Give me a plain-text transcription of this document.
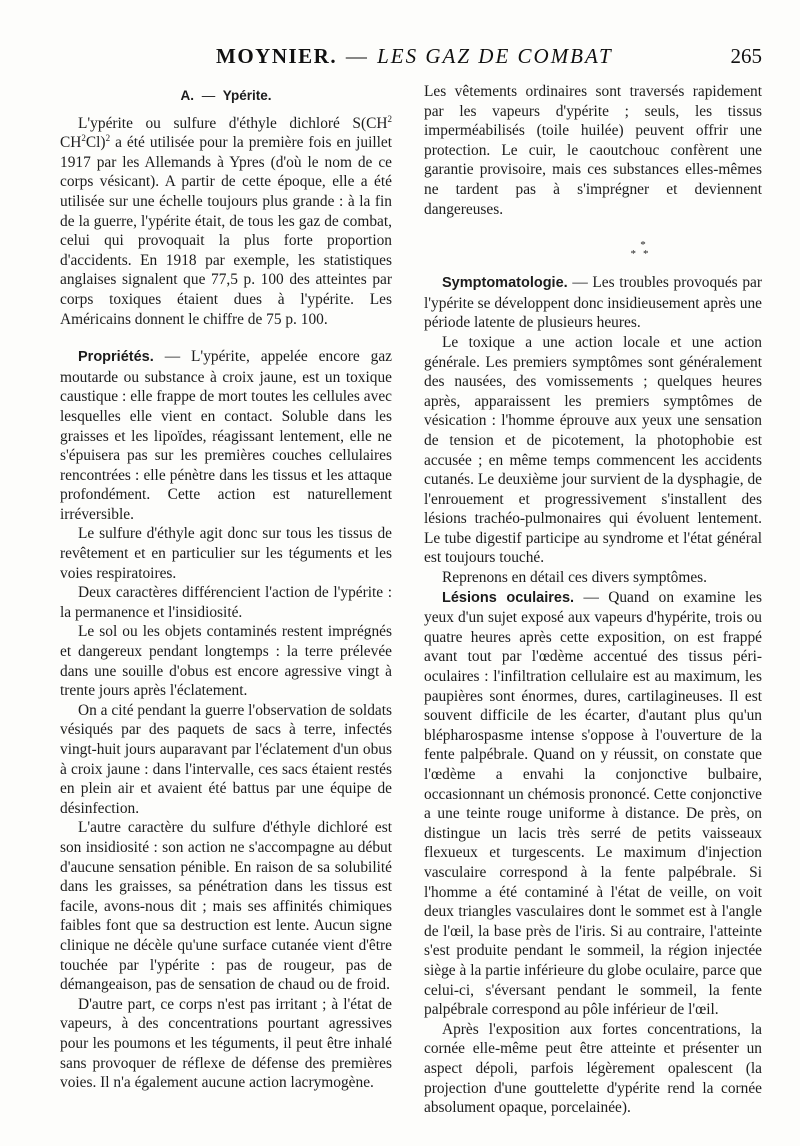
MOYNIER. — LES GAZ DE COMBAT	265
A. — Ypérite.

L'ypérite ou sulfure d'éthyle dichloré $S(CH^2$ $CH^2Cl)^2$ a été utilisée pour la première fois en juillet 1917 par les Allemands à Ypres (d'où le nom de ce corps vésicant). A partir de cette époque, elle a été utilisée sur une échelle toujours plus grande : à la fin de la guerre, l'ypérite était, de tous les gaz de combat, celui qui provoquait la plus forte proportion d'accidents. En 1918 par exemple, les statistiques anglaises signalent que 77,5 p. 100 des atteintes par corps toxiques étaient dues à l'ypérite. Les Américains donnent le chiffre de 75 p. 100.

Propriétés. — L'ypérite, appelée encore gaz moutarde ou substance à croix jaune, est un toxique caustique : elle frappe de mort toutes les cellules avec lesquelles elle vient en contact. Soluble dans les graisses et les lipoïdes, réagissant lentement, elle ne s'épuisera pas sur les premières couches cellulaires rencontrées : elle pénètre dans les tissus et les attaque profondément. Cette action est naturellement irréversible.

Le sulfure d'éthyle agit donc sur tous les tissus de revêtement et en particulier sur les téguments et les voies respiratoires.

Deux caractères différencient l'action de l'ypérite : la permanence et l'insidiosité.

Le sol ou les objets contaminés restent imprégnés et dangereux pendant longtemps : la terre prélevée dans une souille d'obus est encore agressive vingt à trente jours après l'éclatement.

On a cité pendant la guerre l'observation de soldats vésiqués par des paquets de sacs à terre, infectés vingt-huit jours auparavant par l'éclatement d'un obus à croix jaune : dans l'intervalle, ces sacs étaient restés en plein air et avaient été battus par une équipe de désinfection.

L'autre caractère du sulfure d'éthyle dichloré est son insidiosité : son action ne s'accompagne au début d'aucune sensation pénible. En raison de sa solubilité dans les graisses, sa pénétration dans les tissus est facile, avons-nous dit ; mais ses affinités chimiques faibles font que sa destruction est lente. Aucun signe clinique ne décèle qu'une surface cutanée vient d'être touchée par l'ypérite : pas de rougeur, pas de démangeaison, pas de sensation de chaud ou de froid.

D'autre part, ce corps n'est pas irritant ; à l'état de vapeurs, à des concentrations pourtant agressives pour les poumons et les téguments, il peut être inhalé sans provoquer de réflexe de défense des premières voies. Il n'a également aucune action lacrymogène.

Les vêtements ordinaires sont traversés rapidement par les vapeurs d'ypérite ; seuls, les tissus imperméabilisés (toile huilée) peuvent offrir une protection. Le cuir, le caoutchouc confèrent une garantie provisoire, mais ces substances elles-mêmes ne tardent pas à s'imprégner et deviennent dangereuses.

*
**

Symptomatologie. — Les troubles provoqués par l'ypérite se développent donc insidieusement après une période latente de plusieurs heures.

Le toxique a une action locale et une action générale. Les premiers symptômes sont généralement des nausées, des vomissements ; quelques heures après, apparaissent les premiers symptômes de vésication : l'homme éprouve aux yeux une sensation de tension et de picotement, la photophobie est accusée ; en même temps commencent les accidents cutanés. Le deuxième jour survient de la dysphagie, de l'enrouement et progressivement s'installent des lésions trachéo-pulmonaires qui évoluent lentement. Le tube digestif participe au syndrome et l'état général est toujours touché.

Reprenons en détail ces divers symptômes.

Lésions oculaires. — Quand on examine les yeux d'un sujet exposé aux vapeurs d'hypérite, trois ou quatre heures après cette exposition, on est frappé avant tout par l'œdème accentué des tissus péri-oculaires : l'infiltration cellulaire est au maximum, les paupières sont énormes, dures, cartilagineuses. Il est souvent difficile de les écarter, d'autant plus qu'un blépharospasme intense s'oppose à l'ouverture de la fente palpébrale. Quand on y réussit, on constate que l'œdème a envahi la conjonctive bulbaire, occasionnant un chémosis prononcé. Cette conjonctive a une teinte rouge uniforme à distance. De près, on distingue un lacis très serré de petits vaisseaux flexueux et turgescents. Le maximum d'injection vasculaire correspond à la fente palpébrale. Si l'homme a été contaminé à l'état de veille, on voit deux triangles vasculaires dont le sommet est à l'angle de l'œil, la base près de l'iris. Si au contraire, l'atteinte s'est produite pendant le sommeil, la région injectée siège à la partie inférieure du globe oculaire, parce que celui-ci, s'éversant pendant le sommeil, la fente palpébrale correspond au pôle inférieur de l'œil.

Après l'exposition aux fortes concentrations, la cornée elle-même peut être atteinte et présenter un aspect dépoli, parfois légèrement opalescent (la projection d'une gouttelette d'ypérite rend la cornée absolument opaque, porcelainée).
